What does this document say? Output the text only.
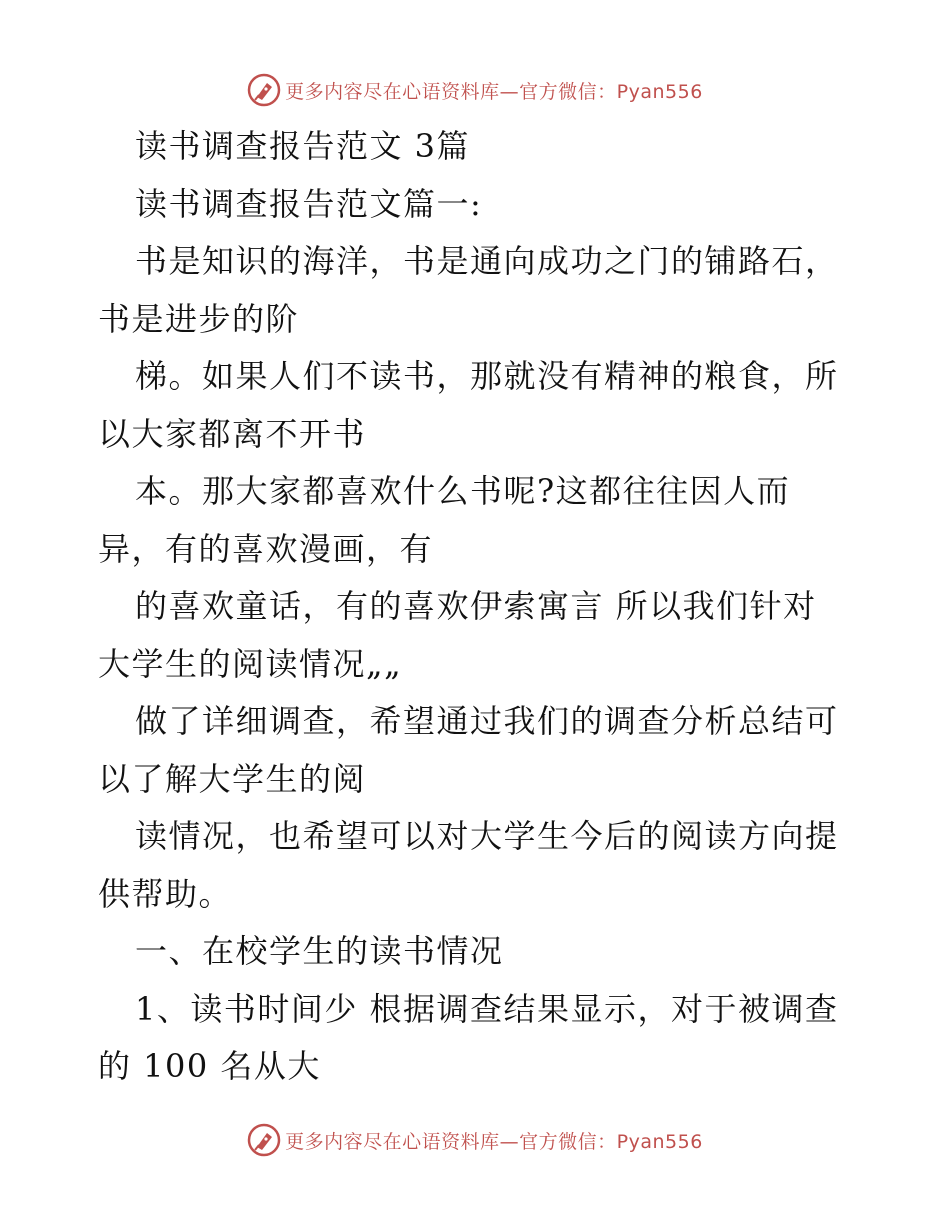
更多内容尽在心语资料库—官方微信：Pyan556
读书调查报告范文 3篇
读书调查报告范文篇一:
书是知识的海洋，书是通向成功之门的铺路石，
书是进步的阶
梯。如果人们不读书，那就没有精神的粮食，所
以大家都离不开书
本。那大家都喜欢什么书呢?这都往往因人而
异，有的喜欢漫画，有
的喜欢童话，有的喜欢伊索寓言 所以我们针对
大学生的阅读情况„„
做了详细调查，希望通过我们的调查分析总结可
以了解大学生的阅
读情况，也希望可以对大学生今后的阅读方向提
供帮助。
一、在校学生的读书情况
1、读书时间少 根据调查结果显示，对于被调查
的 100 名从大
更多内容尽在心语资料库—官方微信：Pyan556
